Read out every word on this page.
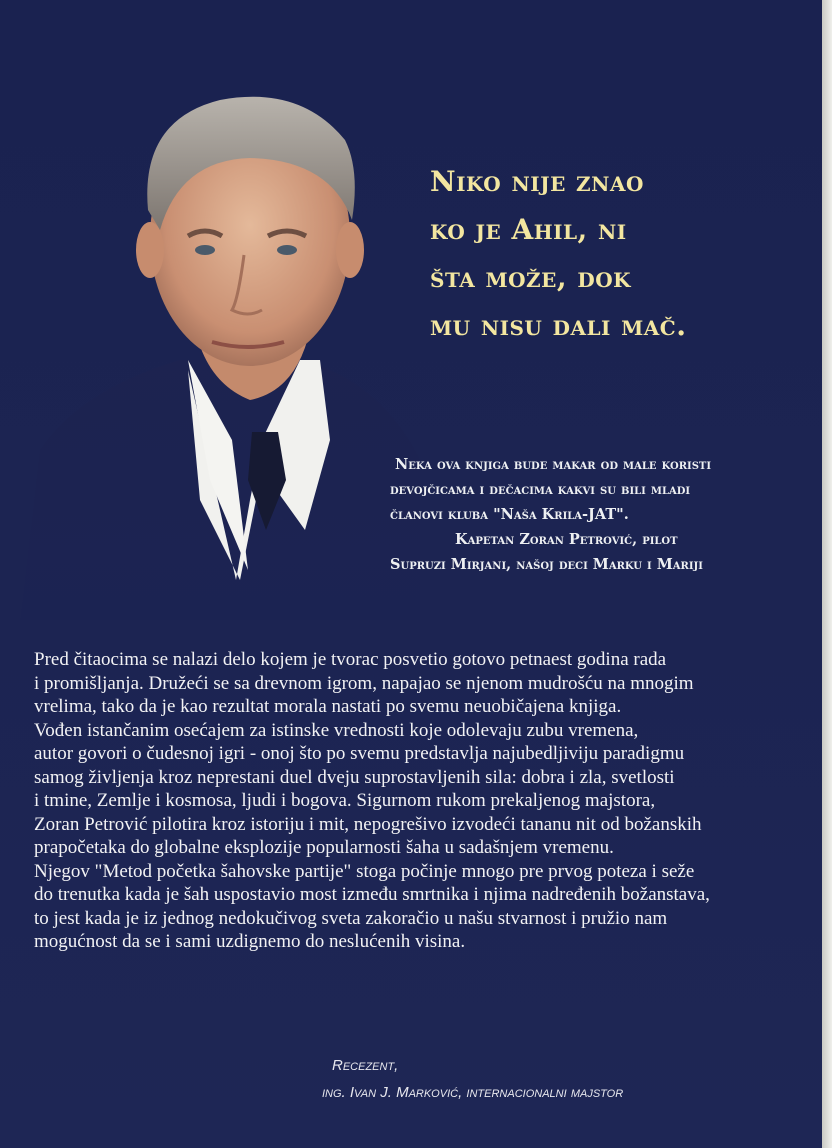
Niko nije znao
ko je Ahil, ni
šta može, dok
mu nisu dali mač.
Neka ova knjiga bude makar od male koristi
devojčicama i dečacima kakvi su bili mladi
članovi kluba "Naša Krila-JAT".
Kapetan Zoran Petrović, pilot
Supruzi Mirjani, našoj deci Marku i Mariji
Pred čitaocima se nalazi delo kojem je tvorac posvetio gotovo petnaest godina rada
i promišljanja. Družeći se sa drevnom igrom, napajao se njenom mudrošću na mnogim
vrelima, tako da je kao rezultat morala nastati po svemu neuobičajena knjiga.
Vođen istančanim osećajem za istinske vrednosti koje odolevaju zubu vremena,
autor govori o čudesnoj igri - onoj što po svemu predstavlja najubedljiviju paradigmu
samog življenja kroz neprestani duel dveju suprostavljenih sila: dobra i zla, svetlosti
i tmine, Zemlje i kosmosa, ljudi i bogova. Sigurnom rukom prekaljenog majstora,
Zoran Petrović pilotira kroz istoriju i mit, nepogrešivo izvodeći tananu nit od božanskih
prapočetaka do globalne eksplozije popularnosti šaha u sadašnjem vremenu.
Njegov "Metod početka šahovske partije" stoga počinje mnogo pre prvog poteza i seže
do trenutka kada je šah uspostavio most između smrtnika i njima nadređenih božanstava,
to jest kada je iz jednog nedokučivog sveta zakoračio u našu stvarnost i pružio nam
mogućnost da se i sami uzdignemo do neslućenih visina.
Recezent,
ing. Ivan J. Marković, internacionalni majstor
